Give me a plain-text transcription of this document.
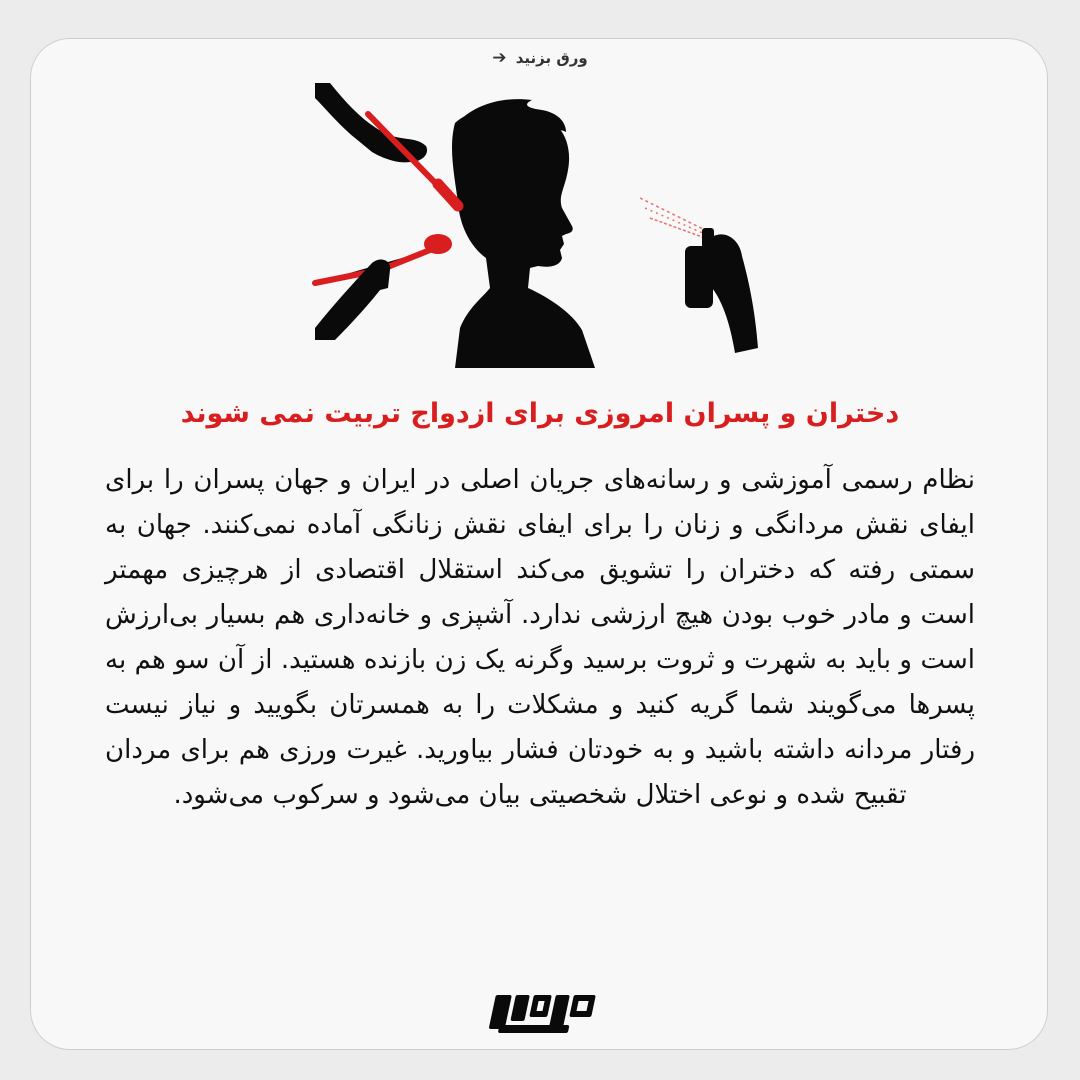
ورق بزنید ➔
دختران و پسران امروزی برای ازدواج تربیت نمی شوند
نظام رسمی آموزشی و رسانه‌های جریان اصلی در ایران و جهان پسران را برای ایفای نقش مردانگی و زنان را برای ایفای نقش زنانگی آماده نمی‌کنند. جهان به سمتی رفته که دختران را تشویق می‌کند استقلال اقتصادی از هرچیزی مهمتر است و مادر خوب بودن هیچ ارزشی ندارد. آشپزی و خانه‌داری هم بسیار بی‌ارزش است و باید به شهرت و ثروت برسید وگرنه یک زن بازنده هستید. از آن سو هم به پسرها می‌گویند شما گریه کنید و مشکلات را به همسرتان بگویید و نیاز نیست رفتار مردانه داشته باشید و به خودتان فشار بیاورید. غیرت ورزی هم برای مردان تقبیح شده و نوعی اختلال شخصیتی بیان می‌شود و سرکوب می‌شود.
